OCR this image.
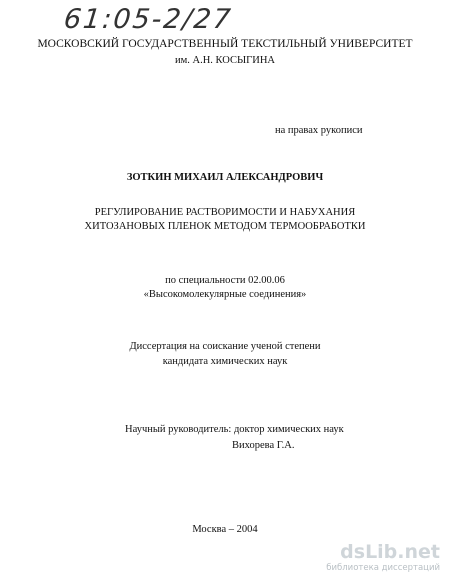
61:05-2/27
МОСКОВСКИЙ ГОСУДАРСТВЕННЫЙ ТЕКСТИЛЬНЫЙ УНИВЕРСИТЕТ
им. А.Н. КОСЫГИНА
на правах рукописи
ЗОТКИН МИХАИЛ АЛЕКСАНДРОВИЧ
РЕГУЛИРОВАНИЕ РАСТВОРИМОСТИ И НАБУХАНИЯ
ХИТОЗАНОВЫХ ПЛЕНОК МЕТОДОМ ТЕРМООБРАБОТКИ
по специальности 02.00.06
«Высокомолекулярные соединения»
Диссертация на соискание ученой степени
кандидата химических наук
Научный руководитель: доктор химических наук
Вихорева Г.А.
Москва – 2004
dsLib.net
библиотека диссертаций
